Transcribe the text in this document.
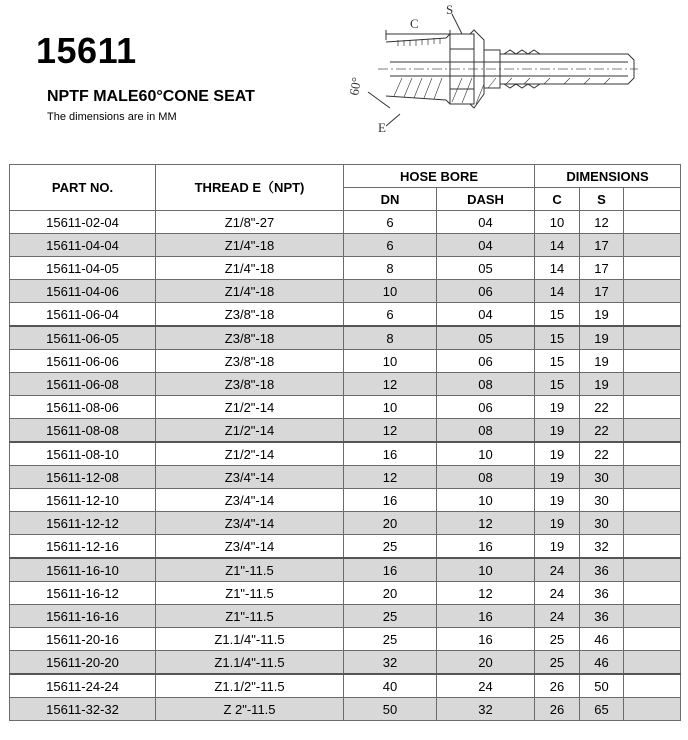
15611
NPTF MALE60°CONE SEAT
The dimensions are in MM
C
S
E
60°
PART NO.	THREAD E（NPT)	HOSE BORE		DIMENSIONS		
		DN	DASH	C	S	
15611-02-04	Z1/8"-27	6	04	10	12	
15611-04-04	Z1/4"-18	6	04	14	17	
15611-04-05	Z1/4"-18	8	05	14	17	
15611-04-06	Z1/4"-18	10	06	14	17	
15611-06-04	Z3/8"-18	6	04	15	19	
15611-06-05	Z3/8"-18	8	05	15	19	
15611-06-06	Z3/8"-18	10	06	15	19	
15611-06-08	Z3/8"-18	12	08	15	19	
15611-08-06	Z1/2"-14	10	06	19	22	
15611-08-08	Z1/2"-14	12	08	19	22	
15611-08-10	Z1/2"-14	16	10	19	22	
15611-12-08	Z3/4"-14	12	08	19	30	
15611-12-10	Z3/4"-14	16	10	19	30	
15611-12-12	Z3/4"-14	20	12	19	30	
15611-12-16	Z3/4"-14	25	16	19	32	
15611-16-10	Z1"-11.5	16	10	24	36	
15611-16-12	Z1"-11.5	20	12	24	36	
15611-16-16	Z1"-11.5	25	16	24	36	
15611-20-16	Z1.1/4"-11.5	25	16	25	46	
15611-20-20	Z1.1/4"-11.5	32	20	25	46	
15611-24-24	Z1.1/2"-11.5	40	24	26	50	
15611-32-32	Z 2"-11.5	50	32	26	65	
